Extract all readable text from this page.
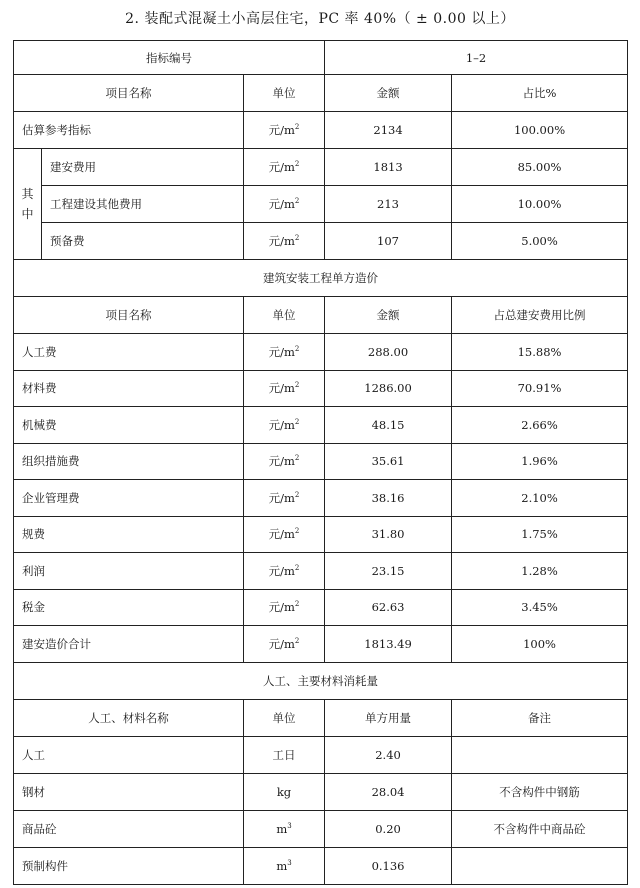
2. 装配式混凝土小高层住宅，PC 率 40%（ ± 0.00 以上）
指标编号			1–2	
项目名称		单位	金额	占比%
估算参考指标		元$/m^2$	2134	100.00%

其
中	建安费用	元$/m^2$	1813	85.00%
	工程建设其他费用	元$/m^2$	213	10.00%
	预备费	元$/m^2$	107	5.00%
建筑安装工程单方造价				
项目名称		单位	金额	占总建安费用比例
人工费		元$/m^2$	288.00	15.88%
材料费		元$/m^2$	1286.00	70.91%
机械费		元$/m^2$	48.15	2.66%
组织措施费		元$/m^2$	35.61	1.96%
企业管理费		元$/m^2$	38.16	2.10%
规费		元$/m^2$	31.80	1.75%
利润		元$/m^2$	23.15	1.28%
税金		元$/m^2$	62.63	3.45%
建安造价合计		元$/m^2$	1813.49	100%
人工、主要材料消耗量				
人工、材料名称		单位	单方用量	备注
人工		工日	2.40	
钢材		kg	28.04	不含构件中钢筋
商品砼		$m^3$	0.20	不含构件中商品砼
预制构件		$m^3$	0.136	
